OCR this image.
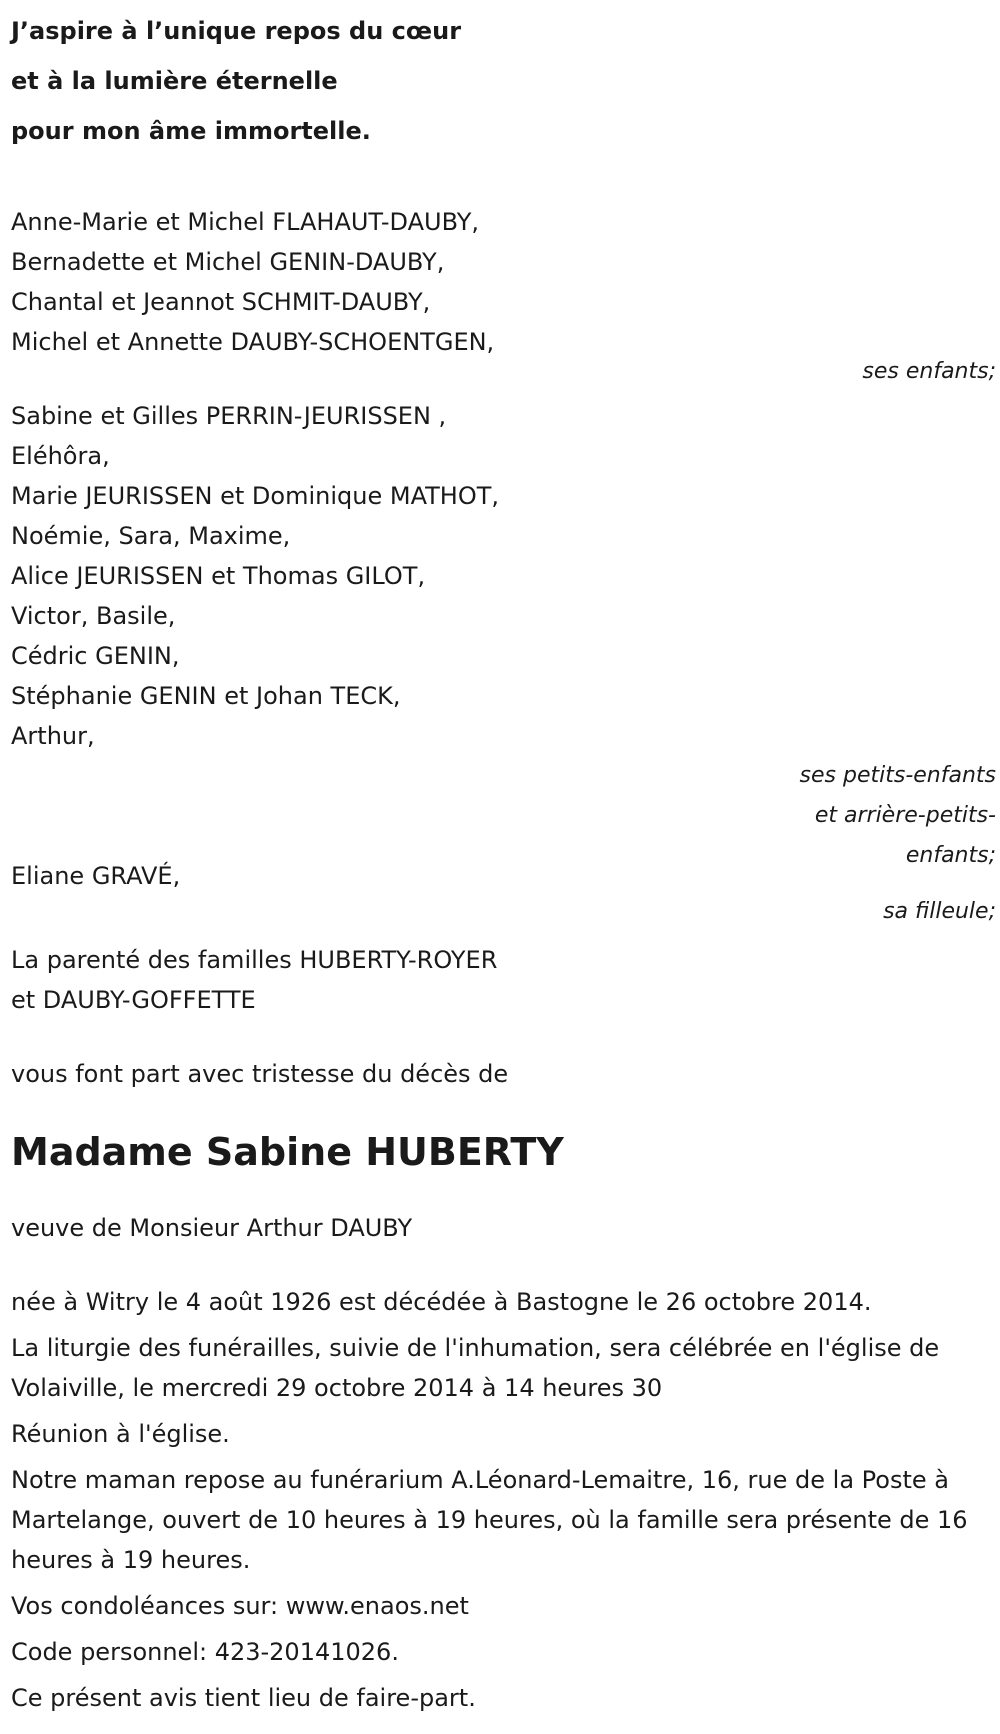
J’aspire à l’unique repos du cœur
et à la lumière éternelle
pour mon âme immortelle.
Anne-Marie et Michel FLAHAUT-DAUBY,
Bernadette et Michel GENIN-DAUBY,
Chantal et Jeannot SCHMIT-DAUBY,
Michel et Annette DAUBY-SCHOENTGEN,
ses enfants;
Sabine et Gilles PERRIN-JEURISSEN ,
Eléhôra,
Marie JEURISSEN et Dominique MATHOT,
Noémie, Sara, Maxime,
Alice JEURISSEN et Thomas GILOT,
Victor, Basile,
Cédric GENIN,
Stéphanie GENIN et Johan TECK,
Arthur,
ses petits-enfants
et arrière-petits-
enfants;
Eliane GRAVÉ,
sa filleule;
La parenté des familles HUBERTY-ROYER
et DAUBY-GOFFETTE
vous font part avec tristesse du décès de
Madame Sabine HUBERTY
veuve de Monsieur Arthur DAUBY
née à Witry le 4 août 1926 est décédée à Bastogne le 26 octobre 2014.
La liturgie des funérailles, suivie de l'inhumation, sera célébrée en l'église de Volaiville, le mercredi 29 octobre 2014 à 14 heures 30
Réunion à l'église.
Notre maman repose au funérarium A.Léonard-Lemaitre, 16, rue de la Poste à Martelange, ouvert de 10 heures à 19 heures, où la famille sera présente de 16 heures à 19 heures.
Vos condoléances sur: www.enaos.net
Code personnel: 423-20141026.
Ce présent avis tient lieu de faire-part.
